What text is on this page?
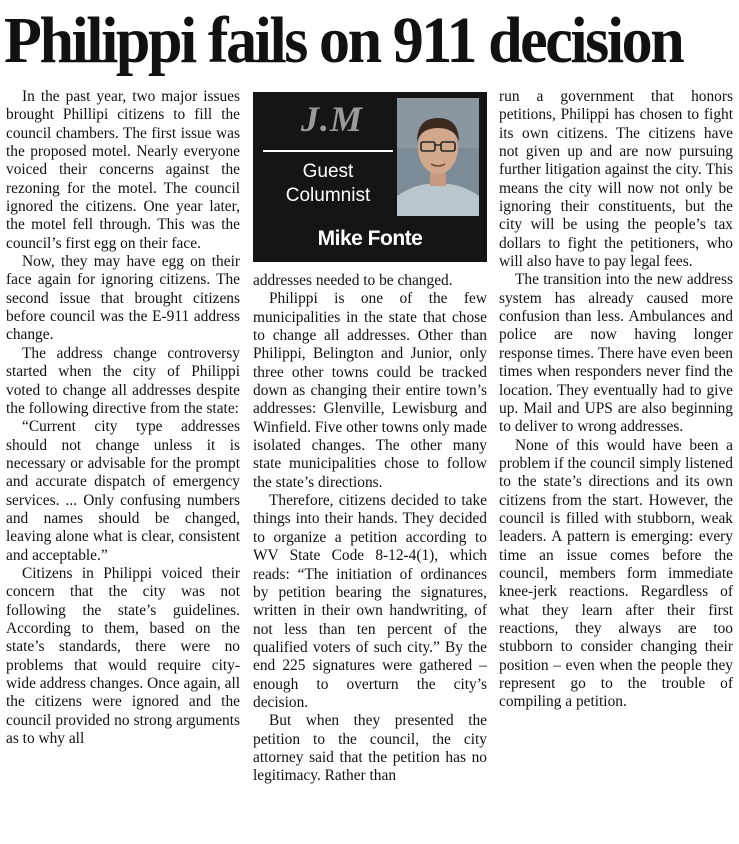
Philippi fails on 911 decision

In the past year, two major issues brought Phillipi citizens to fill the council chambers. The first issue was the proposed motel. Nearly everyone voiced their concerns against the rezoning for the motel. The council ignored the citizens. One year later, the motel fell through. This was the council’s first egg on their face.

Now, they may have egg on their face again for ignoring citizens. The second issue that brought citizens before council was the E-911 address change.

The address change controversy started when the city of Philippi voted to change all addresses despite the following directive from the state:

“Current city type addresses should not change unless it is necessary or advisable for the prompt and accurate dispatch of emergency services. ... Only confusing numbers and names should be changed, leaving alone what is clear, consistent and acceptable.”

Citizens in Philippi voiced their concern that the city was not following the state’s guidelines. According to them, based on the state’s standards, there were no problems that would require city-wide address changes. Once again, all the citizens were ignored and the council provided no strong arguments as to why all

J.M
Guest
Columnist
Mike Fonte

addresses needed to be changed.

Philippi is one of the few municipalities in the state that chose to change all addresses. Other than Philippi, Belington and Junior, only three other towns could be tracked down as changing their entire town’s addresses: Glenville, Lewisburg and Winfield. Five other towns only made isolated changes. The other many state municipalities chose to follow the state’s directions.

Therefore, citizens decided to take things into their hands. They decided to organize a petition according to WV State Code 8-12-4(1), which reads: “The initiation of ordinances by petition bearing the signatures, written in their own handwriting, of not less than ten percent of the qualified voters of such city.” By the end 225 signatures were gathered – enough to overturn the city’s decision.

But when they presented the petition to the council, the city attorney said that the petition has no legitimacy. Rather than

run a government that honors petitions, Philippi has chosen to fight its own citizens. The citizens have not given up and are now pursuing further litigation against the city. This means the city will now not only be ignoring their constituents, but the city will be using the people’s tax dollars to fight the petitioners, who will also have to pay legal fees.

The transition into the new address system has already caused more confusion than less. Ambulances and police are now having longer response times. There have even been times when responders never find the location. They eventually had to give up. Mail and UPS are also beginning to deliver to wrong addresses.

None of this would have been a problem if the council simply listened to the state’s directions and its own citizens from the start. However, the council is filled with stubborn, weak leaders. A pattern is emerging: every time an issue comes before the council, members form immediate knee-jerk reactions. Regardless of what they learn after their first reactions, they always are too stubborn to consider changing their position – even when the people they represent go to the trouble of compiling a petition.
